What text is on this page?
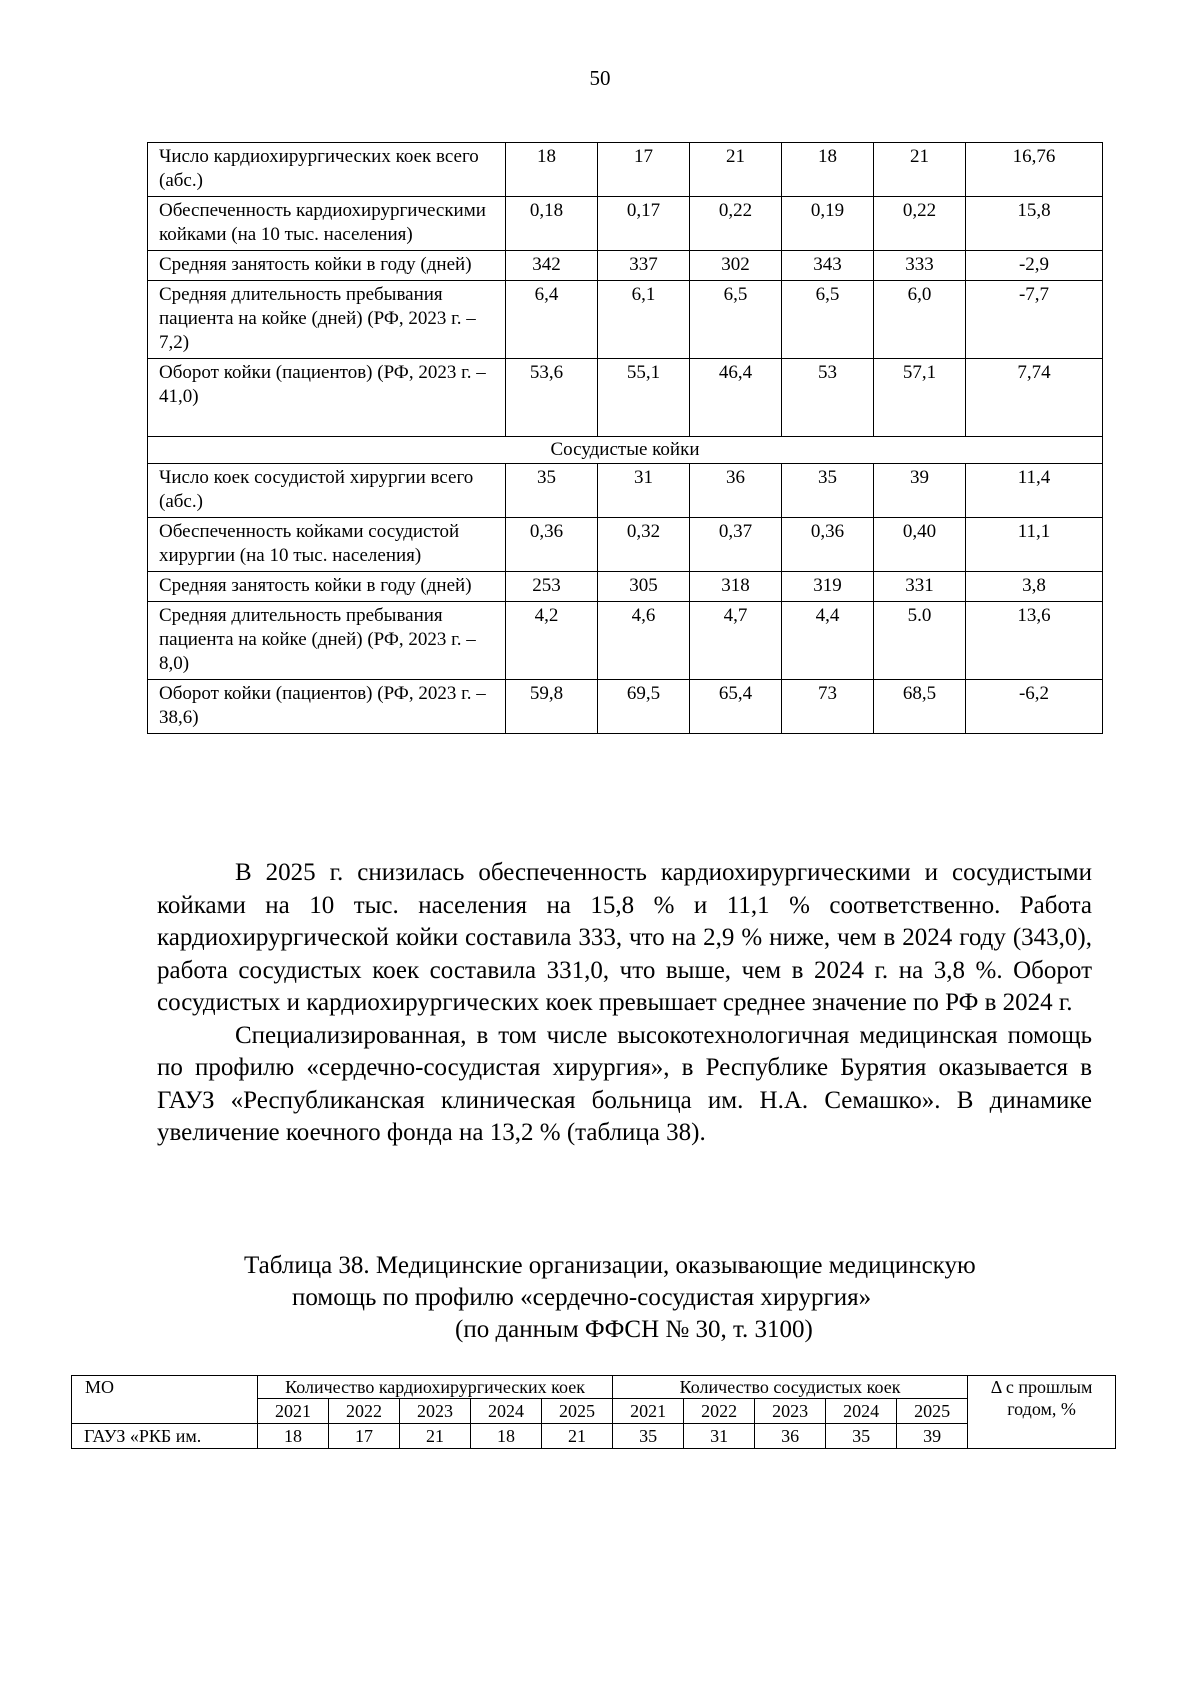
50
Число кардиохирургических коек всего (абс.)	18	17	21	18	21	16,76
Обеспеченность кардиохирургическими койками (на 10 тыс. населения)	0,18	0,17	0,22	0,19	0,22	15,8
Средняя занятость койки в году (дней)	342	337	302	343	333	-2,9
Средняя длительность пребывания пациента на койке (дней) (РФ, 2023 г. – 7,2)	6,4	6,1	6,5	6,5	6,0	-7,7
Оборот койки (пациентов) (РФ, 2023 г. – 41,0)	53,6	55,1	46,4	53	57,1	7,74
Сосудистые койки						
Число коек сосудистой хирургии всего (абс.)	35	31	36	35	39	11,4
Обеспеченность койками сосудистой хирургии (на 10 тыс. населения)	0,36	0,32	0,37	0,36	0,40	11,1
Средняя занятость койки в году (дней)	253	305	318	319	331	3,8
Средняя длительность пребывания пациента на койке (дней) (РФ, 2023 г. – 8,0)	4,2	4,6	4,7	4,4	5.0	13,6
Оборот койки (пациентов) (РФ, 2023 г. – 38,6)	59,8	69,5	65,4	73	68,5	-6,2

В 2025 г. снизилась обеспеченность кардиохирургическими и сосудистыми койками на 10 тыс. населения на 15,8 % и 11,1 % соответственно. Работа кардиохирургической койки составила 333, что на 2,9 % ниже, чем в 2024 году (343,0), работа сосудистых коек составила 331,0, что выше, чем в 2024 г. на 3,8 %. Оборот сосудистых и кардиохирургических коек превышает среднее значение по РФ в 2024 г.

Специализированная, в том числе высокотехнологичная медицинская помощь по профилю «сердечно-сосудистая хирургия», в Республике Бурятия оказывается в ГАУЗ «Республиканская клиническая больница им. Н.А. Семашко». В динамике увеличение коечного фонда на 13,2 % (таблица 38).

Таблица 38. Медицинские организации, оказывающие медицинскую
помощь по профилю «сердечно-сосудистая хирургия»
(по данным ФФСН № 30, т. 3100)
МО	Количество кардиохирургических коек					Количество сосудистых коек					Δ с прошлым годом, %
	2021	2022	2023	2024	2025	2021	2022	2023	2024	2025	
ГАУЗ «РКБ им.	18	17	21	18	21	35	31	36	35	39	
